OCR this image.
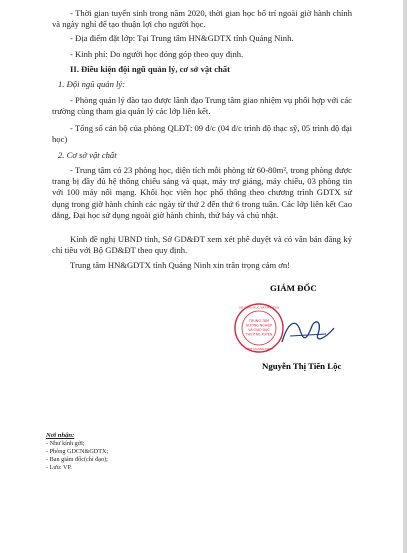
- Thời gian tuyển sinh trong năm 2020, thời gian học bố trí ngoài giờ hành chính và ngày nghỉ để tạo thuận lợi cho người học.
- Địa điểm đặt lớp: Tại Trung tâm HN&GDTX tỉnh Quảng Ninh.
- Kinh phí: Do người học đóng góp theo quy định.
II. Điều kiện đội ngũ quản lý, cơ sở vật chất
1. Đội ngũ quản lý:
- Phòng quản lý đào tạo được lãnh đạo Trung tâm giao nhiệm vụ phối hợp với các trường cùng tham gia quản lý các lớp liên kết.
- Tổng số cán bộ của phòng QLĐT: 09 đ/c (04 đ/c trình độ thạc sỹ, 05 trình độ đại học)
2. Cơ sở vật chất
- Trung tâm có 23 phòng học, diện tích mỗi phòng từ 60-80m², trong phòng được trang bị đầy đủ hệ thống chiếu sáng và quạt, máy trợ giảng, máy chiếu, 03 phòng tin với 100 máy nối mạng. Khối học viên học phổ thông theo chương trình GDTX sử dụng trong giờ hành chính các ngày từ thứ 2 đến thứ 6 trong tuần. Các lớp liên kết Cao đẳng, Đại học sử dụng ngoài giờ hành chính, thứ bảy và chủ nhật.
Kính đề nghị UBND tỉnh, Sở GD&ĐT xem xét phê duyệt và có văn bản đăng ký chỉ tiêu với Bộ GD&ĐT theo quy định.
Trung tâm HN&GDTX tỉnh Quảng Ninh xin trân trọng cảm ơn!
GIÁM ĐỐC
TRUNG TÂM
HƯỚNG NGHIỆP
VÀ GIÁO DỤC
THƯỜNG XUYÊN
SỞ GIÁO DỤC VÀ ĐÀO TẠO
TỈNH QUẢNG NINH
Nguyễn Thị Tiến Lộc
Nơi nhận:
- Như kính gửi;
- Phòng GDCN&GDTX;
- Ban giám đốc(chỉ đạo);
- Lưu: VP.
